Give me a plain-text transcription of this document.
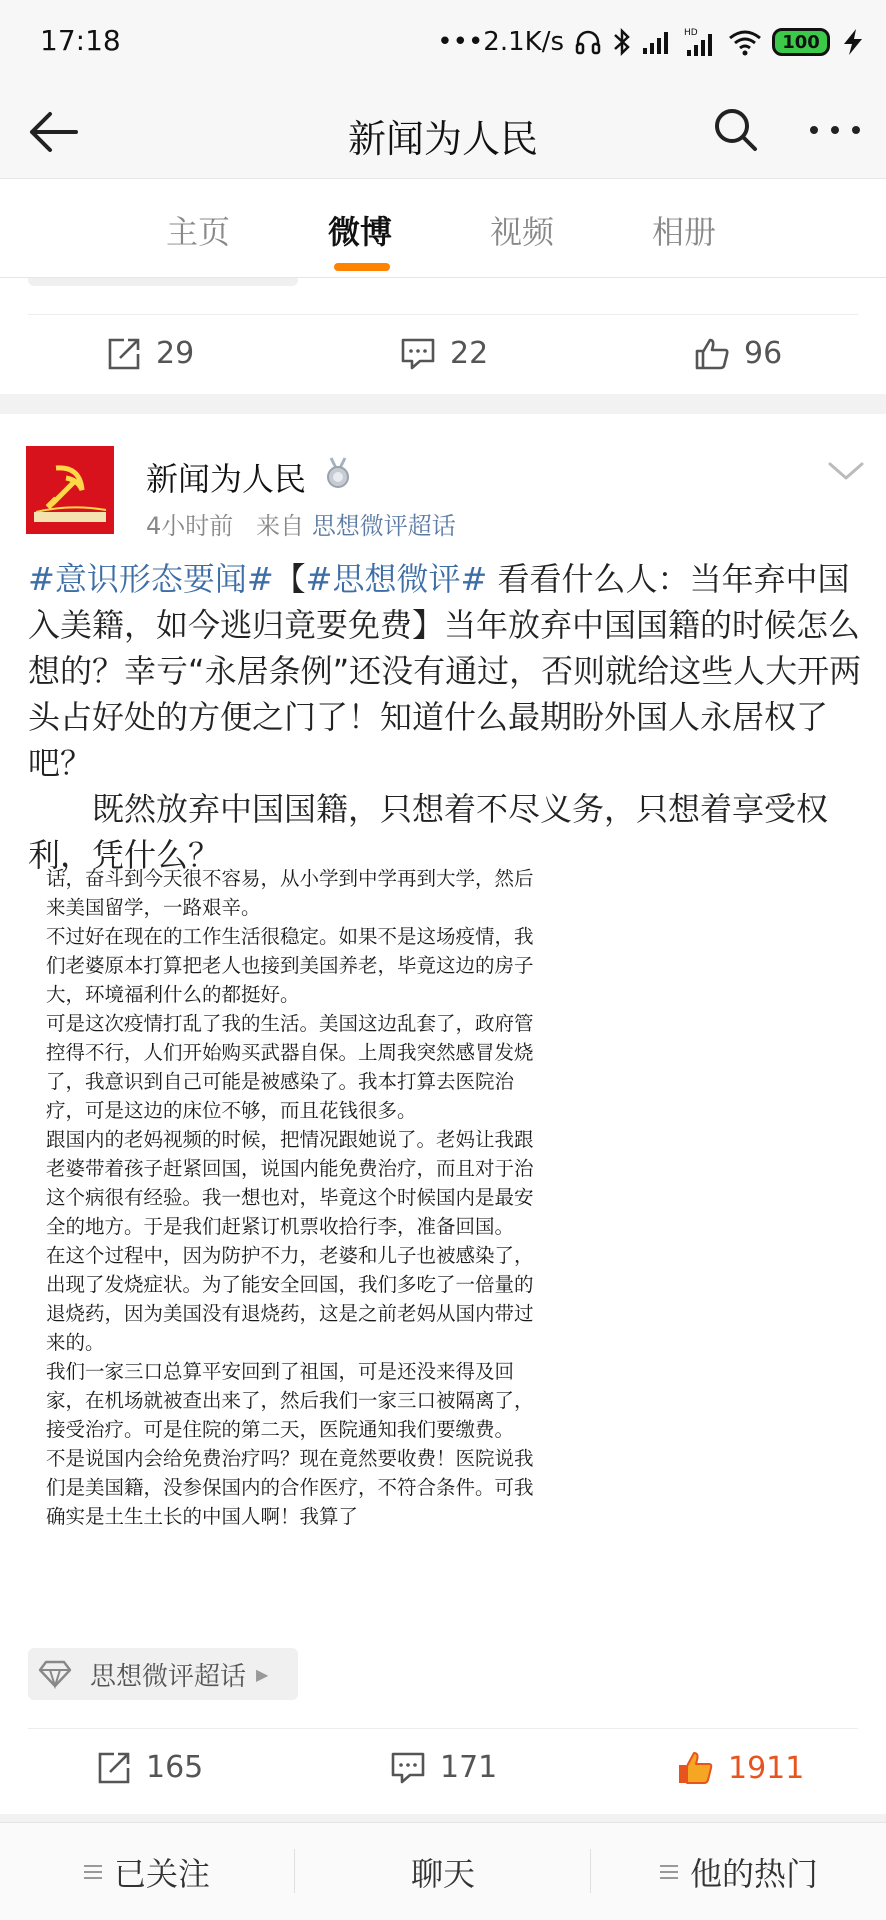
17:18	•••2.1K/s	HD	100
新闻为人民
主页	微博	视频	相册
29	22	96
新闻为人民
4小时前 来自 思想微评超话

#意识形态要闻#【#思想微评# 看看什么人：当年弃中国入美籍，如今逃归竟要免费】当年放弃中国国籍的时候怎么想的？幸亏“永居条例”还没有通过，否则就给这些人大开两头占好处的方便之门了！知道什么最期盼外国人永居权了吧？

既然放弃中国国籍，只想着不尽义务，只想着享受权利，凭什么？

话，奋斗到今天很不容易，从小学到中学再到大学，然后来美国留学，一路艰辛。
不过好在现在的工作生活很稳定。如果不是这场疫情，我们老婆原本打算把老人也接到美国养老，毕竟这边的房子大，环境福利什么的都挺好。
可是这次疫情打乱了我的生活。美国这边乱套了，政府管控得不行，人们开始购买武器自保。上周我突然感冒发烧了，我意识到自己可能是被感染了。我本打算去医院治疗，可是这边的床位不够，而且花钱很多。
跟国内的老妈视频的时候，把情况跟她说了。老妈让我跟老婆带着孩子赶紧回国，说国内能免费治疗，而且对于治这个病很有经验。我一想也对，毕竟这个时候国内是最安全的地方。于是我们赶紧订机票收拾行李，准备回国。
在这个过程中，因为防护不力，老婆和儿子也被感染了，出现了发烧症状。为了能安全回国，我们多吃了一倍量的退烧药，因为美国没有退烧药，这是之前老妈从国内带过来的。
我们一家三口总算平安回到了祖国，可是还没来得及回家，在机场就被查出来了，然后我们一家三口被隔离了，接受治疗。可是住院的第二天，医院通知我们要缴费。
不是说国内会给免费治疗吗？现在竟然要收费！医院说我们是美国籍，没参保国内的合作医疗，不符合条件。可我确实是土生土长的中国人啊！我算了
思想微评超话 ▶
165	171	1911
已关注	聊天	他的热门
